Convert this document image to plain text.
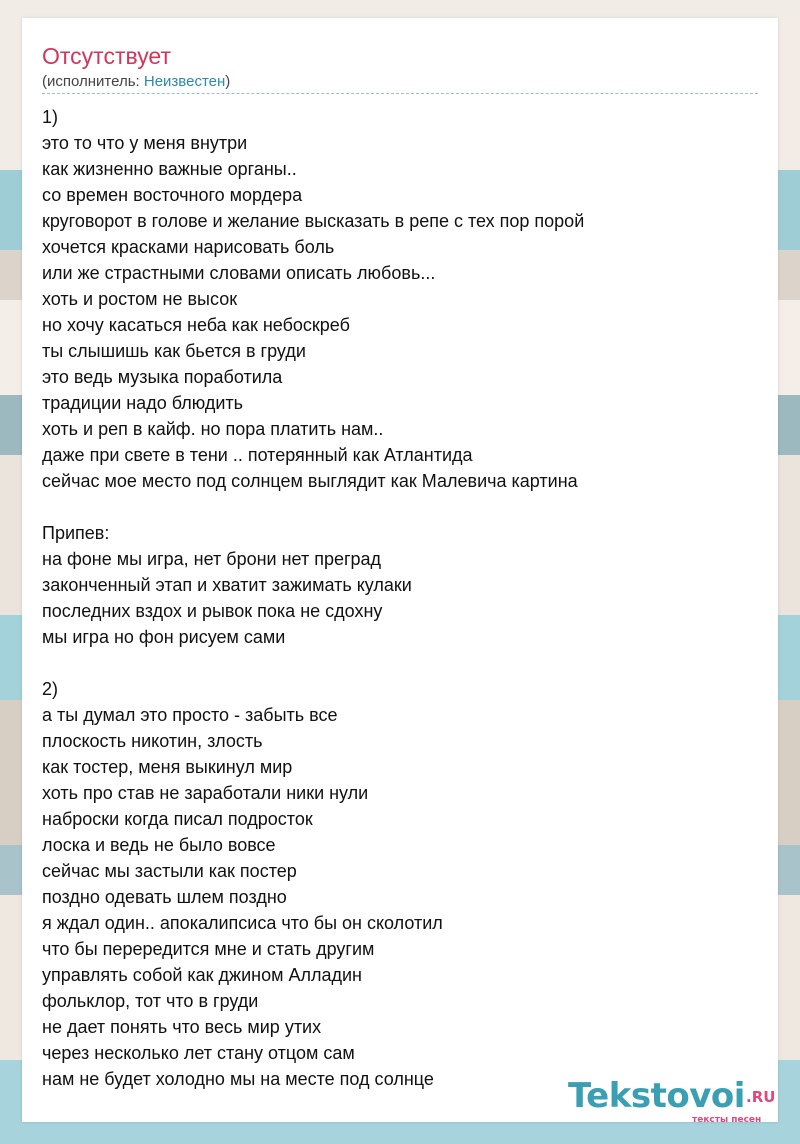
Отсутствует
(исполнитель: Неизвестен)
1)
это то что у меня внутри
как жизненно важные органы..
со времен восточного мордера
круговорот в голове и желание высказать в репе с тех пор порой
хочется красками нарисовать боль
или же страстными словами описать любовь...
хоть и ростом не высок
но хочу касаться неба как небоскреб
ты слышишь как бьется в груди
это ведь музыка поработила
традиции надо блюдить
хоть и реп в кайф. но пора платить нам..
даже при свете в тени .. потерянный как Атлантида
сейчас мое место под солнцем выглядит как Малевича картина
Припев:
на фоне мы игра, нет брони нет преград
законченный этап и хватит зажимать кулаки
последних вздох и рывок пока не сдохну
мы игра но фон рисуем сами
2)
а ты думал это просто - забыть все
плоскость никотин, злость
как тостер, меня выкинул мир
хоть про став не заработали ники нули
наброски когда писал подросток
лоска и ведь не было вовсе
сейчас мы застыли как постер
поздно одевать шлем поздно
я ждал один.. апокалипсиса что бы он сколотил
что бы перередится мне и стать другим
управлять собой как джином Алладин
фольклор, тот что в груди
не дает понять что весь мир утих
через несколько лет стану отцом сам
нам не будет холодно мы на месте под солнце	Tekstovoi .RU
тексты песен
